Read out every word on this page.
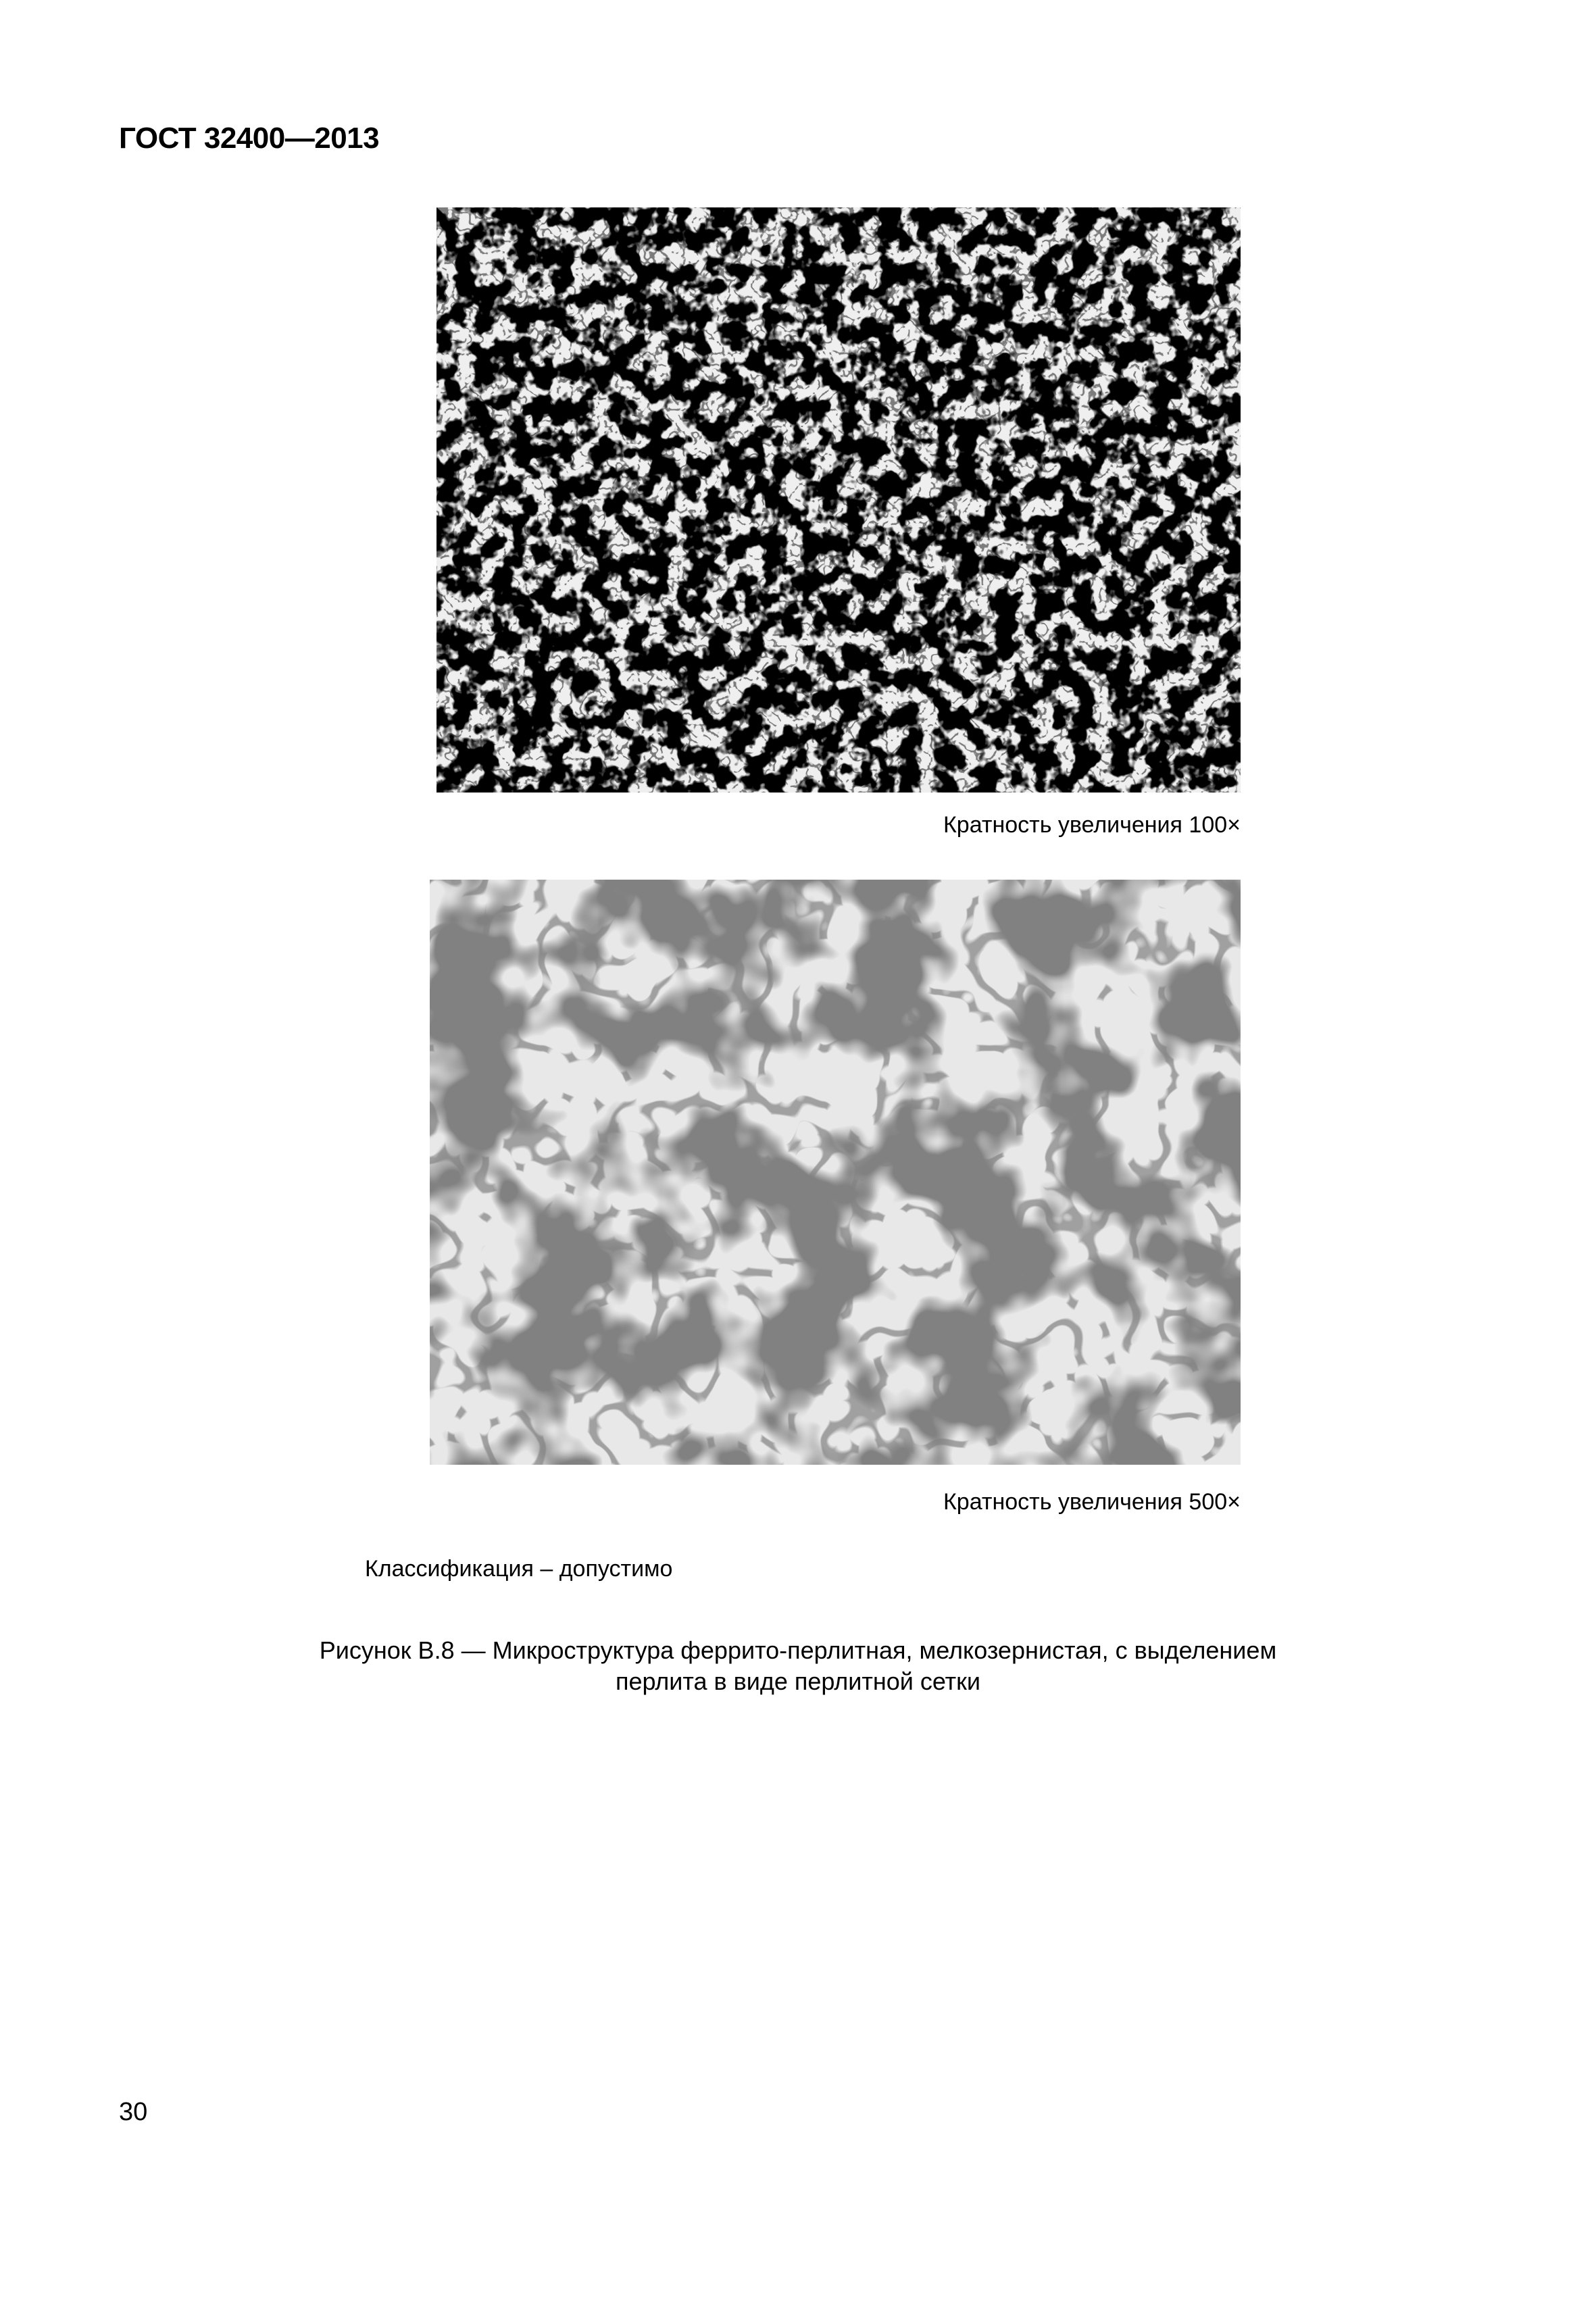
ГОСТ 32400—2013
Кратность увеличения 100×
Кратность увеличения 500×
Классификация – допустимо
Рисунок В.8 — Микроструктура феррито-перлитная, мелкозернистая, с выделением
перлита в виде перлитной сетки
30
